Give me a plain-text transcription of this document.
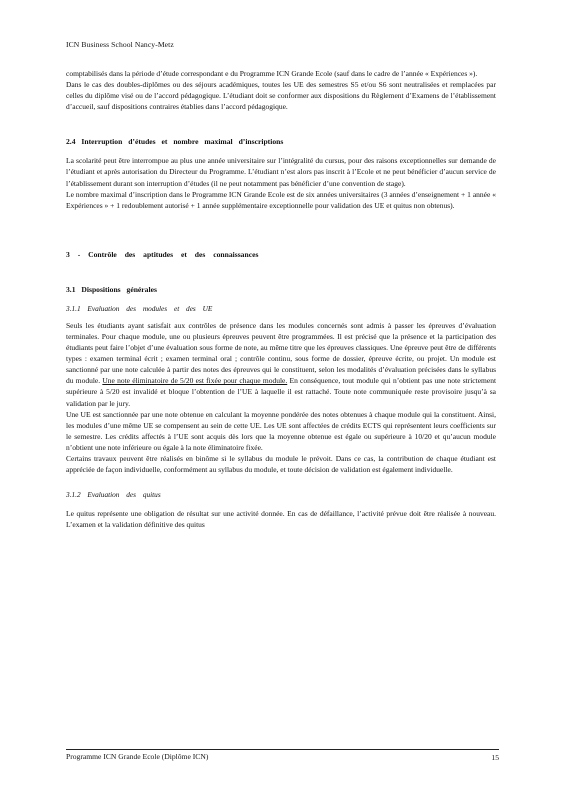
ICN Business School Nancy-Metz

comptabilisés dans la période d’étude correspondant e du Programme ICN Grande Ecole (sauf dans le cadre de l’année « Expériences »).

Dans le cas des doubles-diplômes ou des séjours académiques, toutes les UE des semestres S5 et/ou S6 sont neutralisées et remplacées par celles du diplôme visé ou de l’accord pédagogique. L’étudiant doit se conformer aux dispositions du Règlement d’Examens de l’établissement d’accueil, sauf dispositions contraires établies dans l’accord pédagogique.

2.4 Interruption d’études et nombre maximal d’inscriptions

La scolarité peut être interrompue au plus une année universitaire sur l’intégralité du cursus, pour des raisons exceptionnelles sur demande de l’étudiant et après autorisation du Directeur du Programme. L’étudiant n’est alors pas inscrit à l’Ecole et ne peut bénéficier d’aucun service de l’établissement durant son interruption d’études (il ne peut notamment pas bénéficier d’une convention de stage).

Le nombre maximal d’inscription dans le Programme ICN Grande Ecole est de six années universitaires (3 années d’enseignement + 1 année « Expériences » + 1 redoublement autorisé + 1 année supplémentaire exceptionnelle pour validation des UE et quitus non obtenus).

3 - Contrôle des aptitudes et des connaissances
3.1 Dispositions générales
3.1.1 Evaluation des modules et des UE

Seuls les étudiants ayant satisfait aux contrôles de présence dans les modules concernés sont admis à passer les épreuves d’évaluation terminales. Pour chaque module, une ou plusieurs épreuves peuvent être programmées. Il est précisé que la présence et la participation des étudiants peut faire l’objet d’une évaluation sous forme de note, au même titre que les épreuves classiques. Une épreuve peut être de différents types : examen terminal écrit ; examen terminal oral ; contrôle continu, sous forme de dossier, épreuve écrite, ou projet. Un module est sanctionné par une note calculée à partir des notes des épreuves qui le constituent, selon les modalités d’évaluation précisées dans le syllabus du module. Une note éliminatoire de 5/20 est fixée pour chaque module. En conséquence, tout module qui n’obtient pas une note strictement supérieure à 5/20 est invalidé et bloque l’obtention de l’UE à laquelle il est rattaché. Toute note communiquée reste provisoire jusqu’à sa validation par le jury.

Une UE est sanctionnée par une note obtenue en calculant la moyenne pondérée des notes obtenues à chaque module qui la constituent. Ainsi, les modules d’une même UE se compensent au sein de cette UE. Les UE sont affectées de crédits ECTS qui représentent leurs coefficients sur le semestre. Les crédits affectés à l’UE sont acquis dès lors que la moyenne obtenue est égale ou supérieure à 10/20 et qu’aucun module n’obtient une note inférieure ou égale à la note éliminatoire fixée.

Certains travaux peuvent être réalisés en binôme si le syllabus du module le prévoit. Dans ce cas, la contribution de chaque étudiant est appréciée de façon individuelle, conformément au syllabus du module, et toute décision de validation est également individuelle.

3.1.2 Evaluation des quitus

Le quitus représente une obligation de résultat sur une activité donnée. En cas de défaillance, l’activité prévue doit être réalisée à nouveau. L’examen et la validation définitive des quitus

Programme ICN Grande Ecole (Diplôme ICN)	15
